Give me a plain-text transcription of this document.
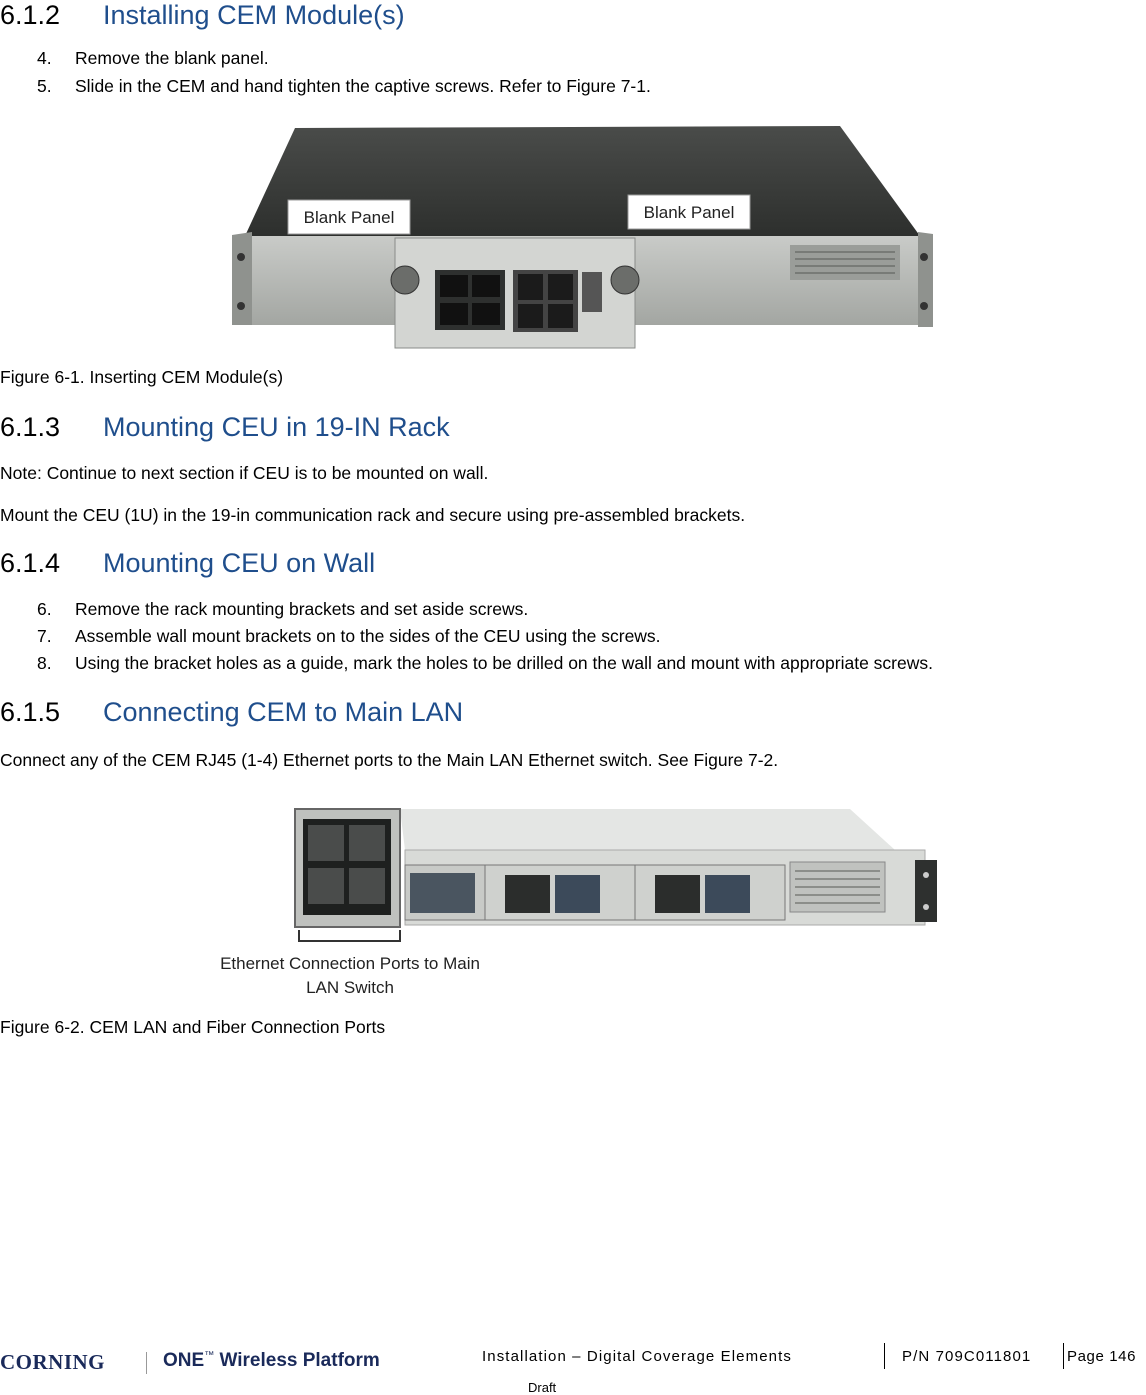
6.1.2 Installing CEM Module(s)
4. Remove the blank panel.
5. Slide in the CEM and hand tighten the captive screws. Refer to Figure 7-1.
Blank Panel	Blank Panel
Figure 6-1. Inserting CEM Module(s)
6.1.3 Mounting CEU in 19-IN Rack
Note: Continue to next section if CEU is to be mounted on wall.
Mount the CEU (1U) in the 19-in communication rack and secure using pre-assembled brackets.
6.1.4 Mounting CEU on Wall
6. Remove the rack mounting brackets and set aside screws.
7. Assemble wall mount brackets on to the sides of the CEU using the screws.
8. Using the bracket holes as a guide, mark the holes to be drilled on the wall and mount with appropriate screws.
6.1.5 Connecting CEM to Main LAN
Connect any of the CEM RJ45 (1-4) Ethernet ports to the Main LAN Ethernet switch. See Figure 7-2.
Ethernet Connection Ports to Main
LAN Switch
Figure 6-2. CEM LAN and Fiber Connection Ports
CORNING	ONE™ Wireless Platform	Installation – Digital Coverage Elements	P/N 709C011801 Page 146
Draft
